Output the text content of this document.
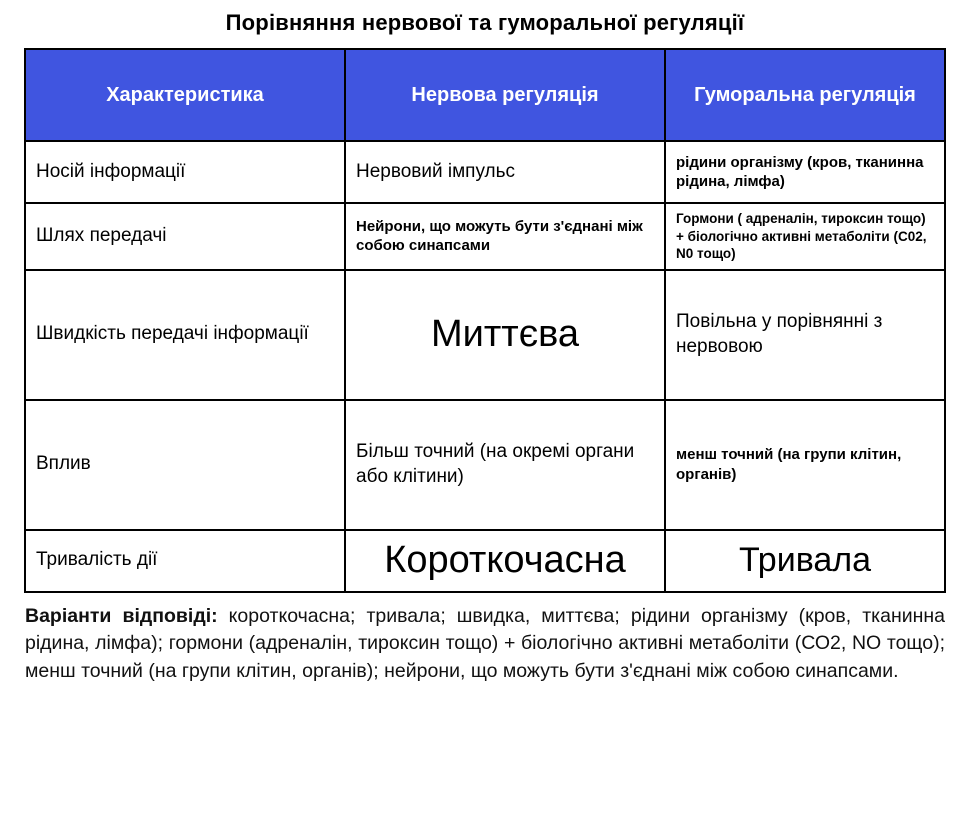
Порівняння нервової та гуморальної регуляції
Характеристика	Нервова регуляція	Гуморальна регуляція
Носій інформації	Нервовий імпульс	рідини організму (кров, тканинна рідина, лімфа)
Шлях передачі	Нейрони, що можуть бути з'єднані між собою синапсами	Гормони ( адреналін, тироксин тощо) + біологічно активні метаболіти (С02, N0 тощо)
Швидкість передачі інформації	Миттєва	Повільна у порівнянні з нервовою
Вплив	Більш точний (на окремі органи або клітини)	менш точний (на групи клітин, органів)
Тривалість дії	Короткочасна	Тривала

Варіанти відповіді: короткочасна; тривала; швидка, миттєва; рідини організму (кров, тканинна рідина, лімфа); гормони (адреналін, тироксин тощо) + біологічно активні метаболіти (СО2, NO тощо); менш точний (на групи клітин, органів); нейрони, що можуть бути з'єднані між собою синапсами.
